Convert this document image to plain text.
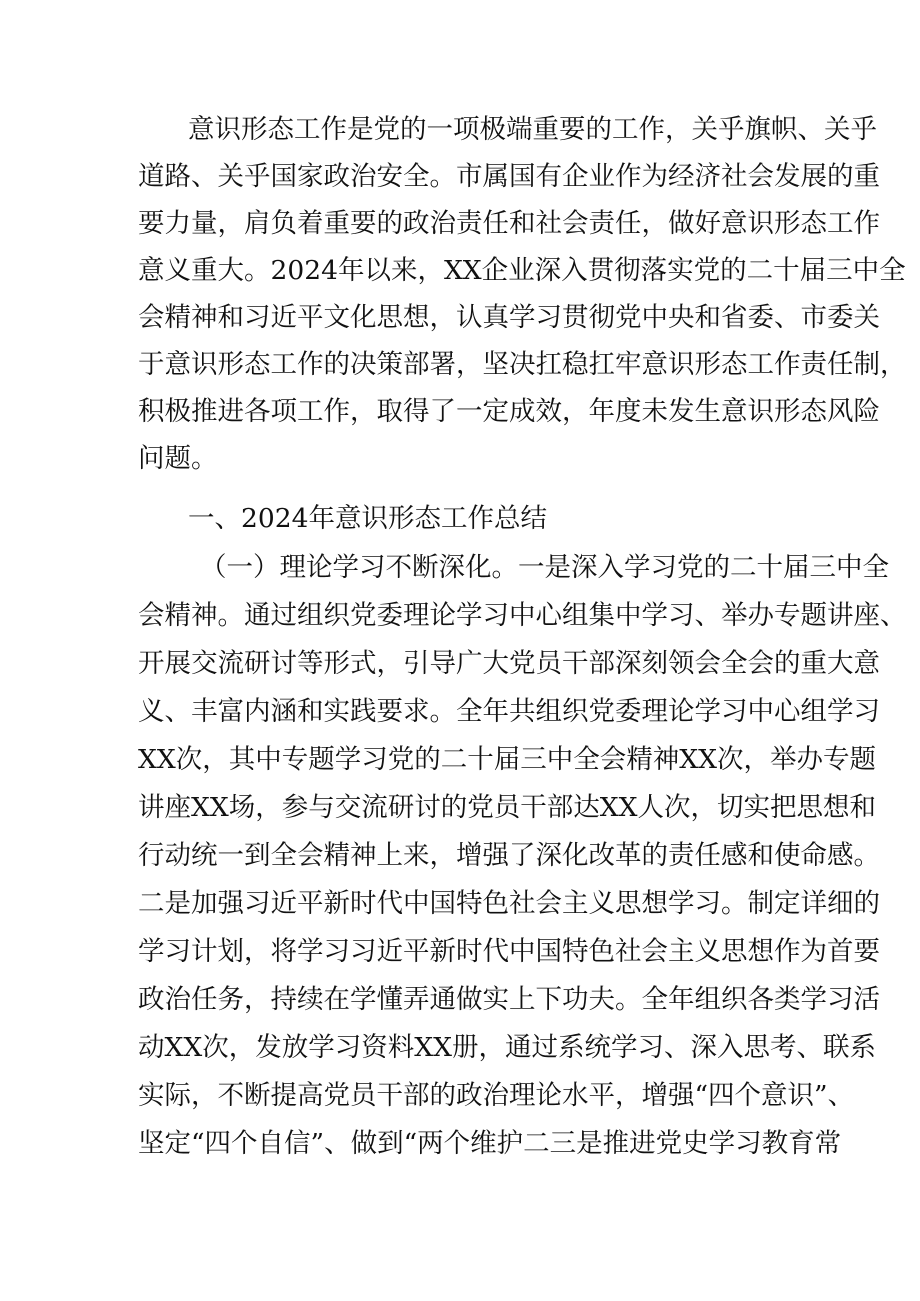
意识形态工作是党的一项极端重要的工作，关乎旗帜、关乎
道路、关乎国家政治安全。市属国有企业作为经济社会发展的重
要力量，肩负着重要的政治责任和社会责任，做好意识形态工作
意义重大。2024年以来，XX企业深入贯彻落实党的二十届三中全
会精神和习近平文化思想，认真学习贯彻党中央和省委、市委关
于意识形态工作的决策部署，坚决扛稳扛牢意识形态工作责任制，
积极推进各项工作，取得了一定成效，年度未发生意识形态风险
问题。
一、2024年意识形态工作总结
（一）理论学习不断深化。一是深入学习党的二十届三中全
会精神。通过组织党委理论学习中心组集中学习、举办专题讲座、
开展交流研讨等形式，引导广大党员干部深刻领会全会的重大意
义、丰富内涵和实践要求。全年共组织党委理论学习中心组学习
XX次，其中专题学习党的二十届三中全会精神XX次，举办专题
讲座XX场，参与交流研讨的党员干部达XX人次，切实把思想和
行动统一到全会精神上来，增强了深化改革的责任感和使命感。
二是加强习近平新时代中国特色社会主义思想学习。制定详细的
学习计划，将学习习近平新时代中国特色社会主义思想作为首要
政治任务，持续在学懂弄通做实上下功夫。全年组织各类学习活
动XX次，发放学习资料XX册，通过系统学习、深入思考、联系
实际，不断提高党员干部的政治理论水平，增强“四个意识”、
坚定“四个自信”、做到“两个维护二三是推进党史学习教育常
